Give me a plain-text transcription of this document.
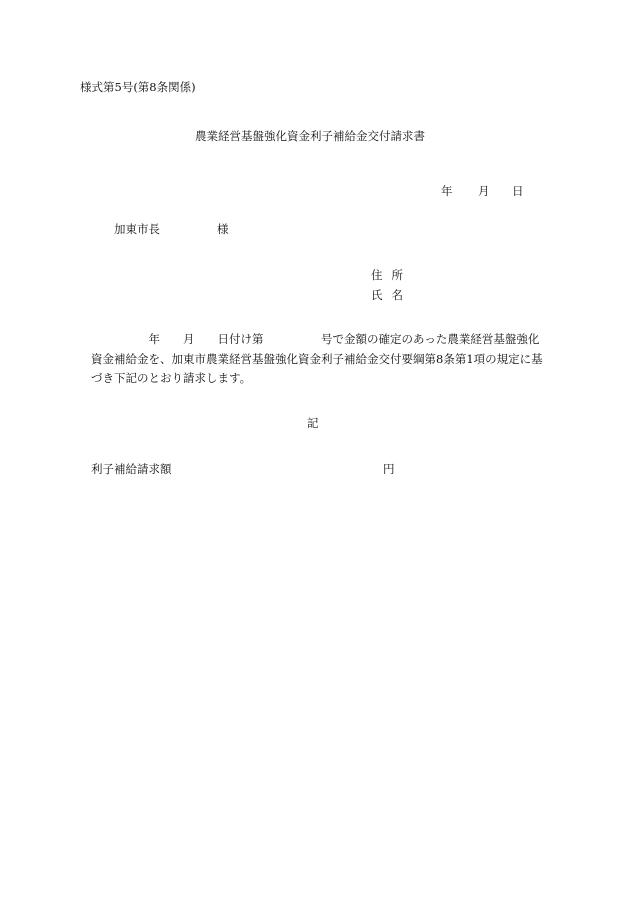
様式第5号(第8条関係)
農業経営基盤強化資金利子補給金交付請求書
年 月 日
加東市長	様
住所
氏名
　　　　　年　　月　　日付け第　　　　　号で金額の確定のあった農業経営基盤強化
資金補給金を、加東市農業経営基盤強化資金利子補給金交付要綱第8条第1項の規定に基
づき下記のとおり請求します。
記
利子補給請求額	円
